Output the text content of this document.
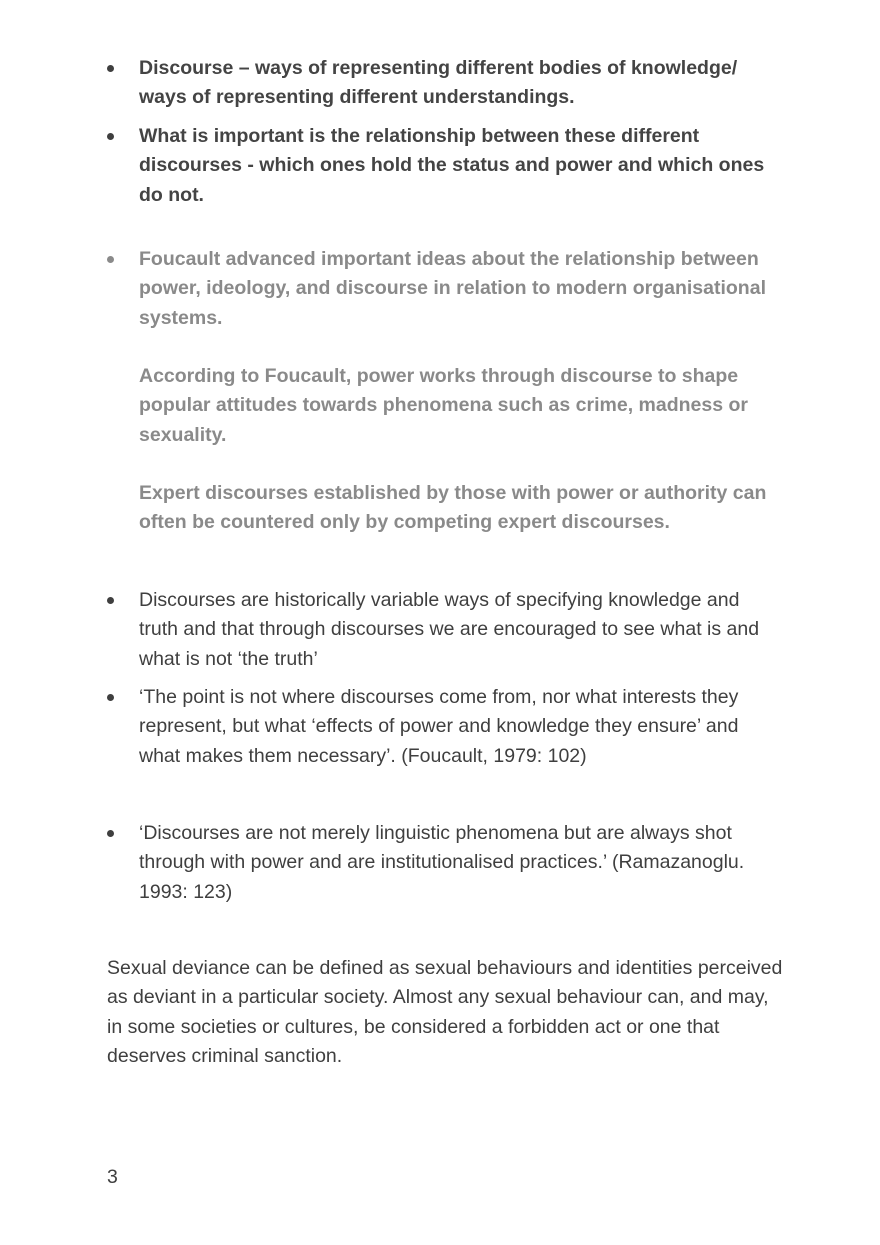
Discourse – ways of representing different bodies of knowledge/ ways of representing different understandings.
What is important is the relationship between these different discourses - which ones hold the status and power and which ones do not.
Foucault advanced important ideas about the relationship between power, ideology, and discourse in relation to modern organisational systems.
According to Foucault, power works through discourse to shape popular attitudes towards phenomena such as crime, madness or sexuality.
Expert discourses established by those with power or authority can often be countered only by competing expert discourses.
Discourses are historically variable ways of specifying knowledge and truth and that through discourses we are encouraged to see what is and what is not ‘the truth’
‘The point is not where discourses come from, nor what interests they represent, but what ‘effects of power and knowledge they ensure’ and what makes them necessary’. (Foucault, 1979: 102)
‘Discourses are not merely linguistic phenomena but are always shot through with power and are institutionalised practices.’ (Ramazanoglu. 1993: 123)
Sexual deviance can be defined as sexual behaviours and identities perceived as deviant in a particular society. Almost any sexual behaviour can, and may, in some societies or cultures, be considered a forbidden act or one that deserves criminal sanction.
3
